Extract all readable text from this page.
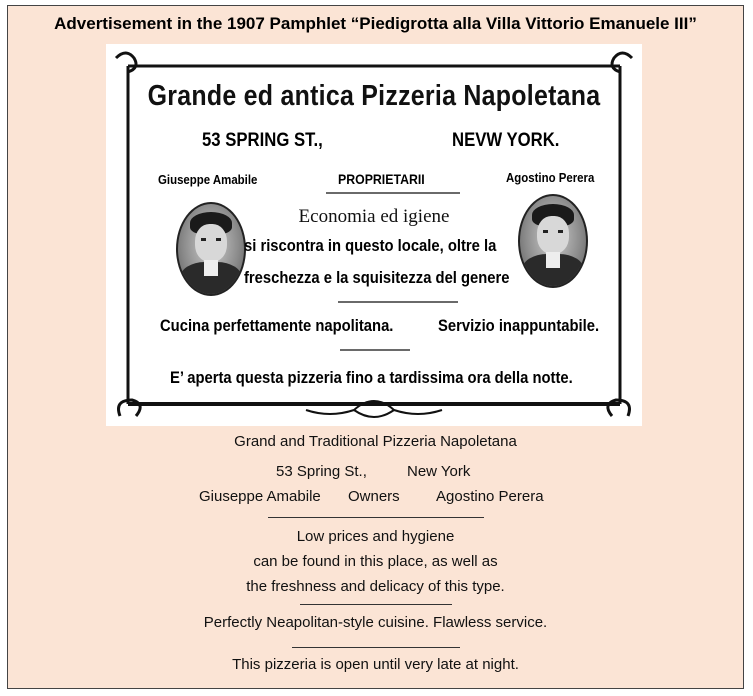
Advertisement in the 1907 Pamphlet “Piedigrotta alla Villa Vittorio Emanuele III”
Grande ed antica Pizzeria Napoletana
53 SPRING ST.,	NEVW YORK.
Giuseppe Amabile	PROPRIETARII	Agostino Perera
Economia ed igiene
si riscontra in questo locale, oltre la
freschezza e la squisitezza del genere
Cucina perfettamente napolitana.	Servizio inappuntabile.
E’ aperta questa pizzeria fino a tardissima ora della notte.
Grand and Traditional Pizzeria Napoletana
53 Spring St.,	New York
Giuseppe Amabile Owners Agostino Perera
Low prices and hygiene
can be found in this place, as well as
the freshness and delicacy of this type.
Perfectly Neapolitan-style cuisine. Flawless service.
This pizzeria is open until very late at night.
